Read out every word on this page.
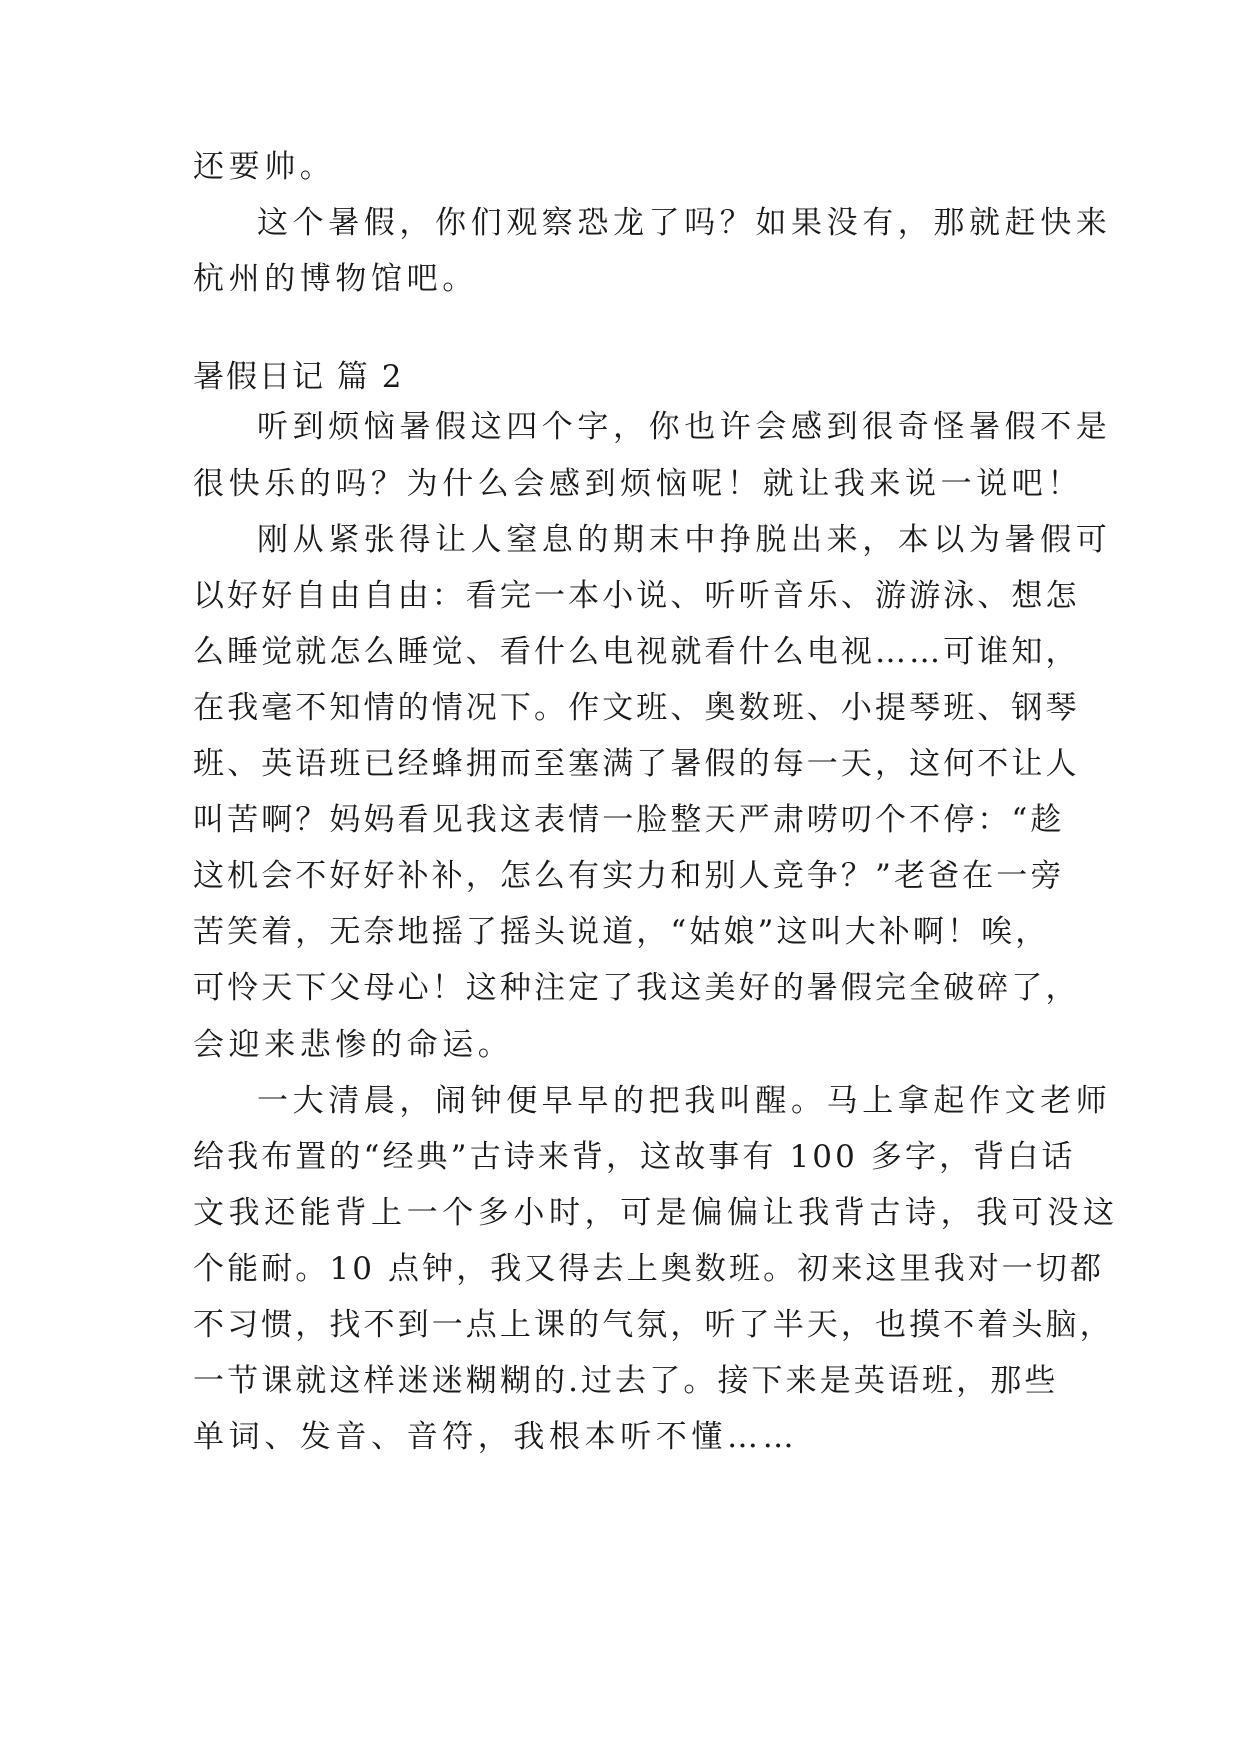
还要帅。
这个暑假，你们观察恐龙了吗？如果没有，那就赶快来
杭州的博物馆吧。
暑假日记 篇 2
听到烦恼暑假这四个字，你也许会感到很奇怪暑假不是
很快乐的吗？为什么会感到烦恼呢！就让我来说一说吧！
刚从紧张得让人窒息的期末中挣脱出来，本以为暑假可
以好好自由自由：看完一本小说、听听音乐、游游泳、想怎
么睡觉就怎么睡觉、看什么电视就看什么电视……可谁知，
在我毫不知情的情况下。作文班、奥数班、小提琴班、钢琴
班、英语班已经蜂拥而至塞满了暑假的每一天，这何不让人
叫苦啊？妈妈看见我这表情一脸整天严肃唠叨个不停：“趁
这机会不好好补补，怎么有实力和别人竞争？”老爸在一旁
苦笑着，无奈地摇了摇头说道，“姑娘”这叫大补啊！唉，
可怜天下父母心！这种注定了我这美好的暑假完全破碎了，
会迎来悲惨的命运。
一大清晨，闹钟便早早的把我叫醒。马上拿起作文老师
给我布置的“经典”古诗来背，这故事有 100 多字，背白话
文我还能背上一个多小时，可是偏偏让我背古诗，我可没这
个能耐。10 点钟，我又得去上奥数班。初来这里我对一切都
不习惯，找不到一点上课的气氛，听了半天，也摸不着头脑，
一节课就这样迷迷糊糊的.过去了。接下来是英语班，那些
单词、发音、音符，我根本听不懂……
